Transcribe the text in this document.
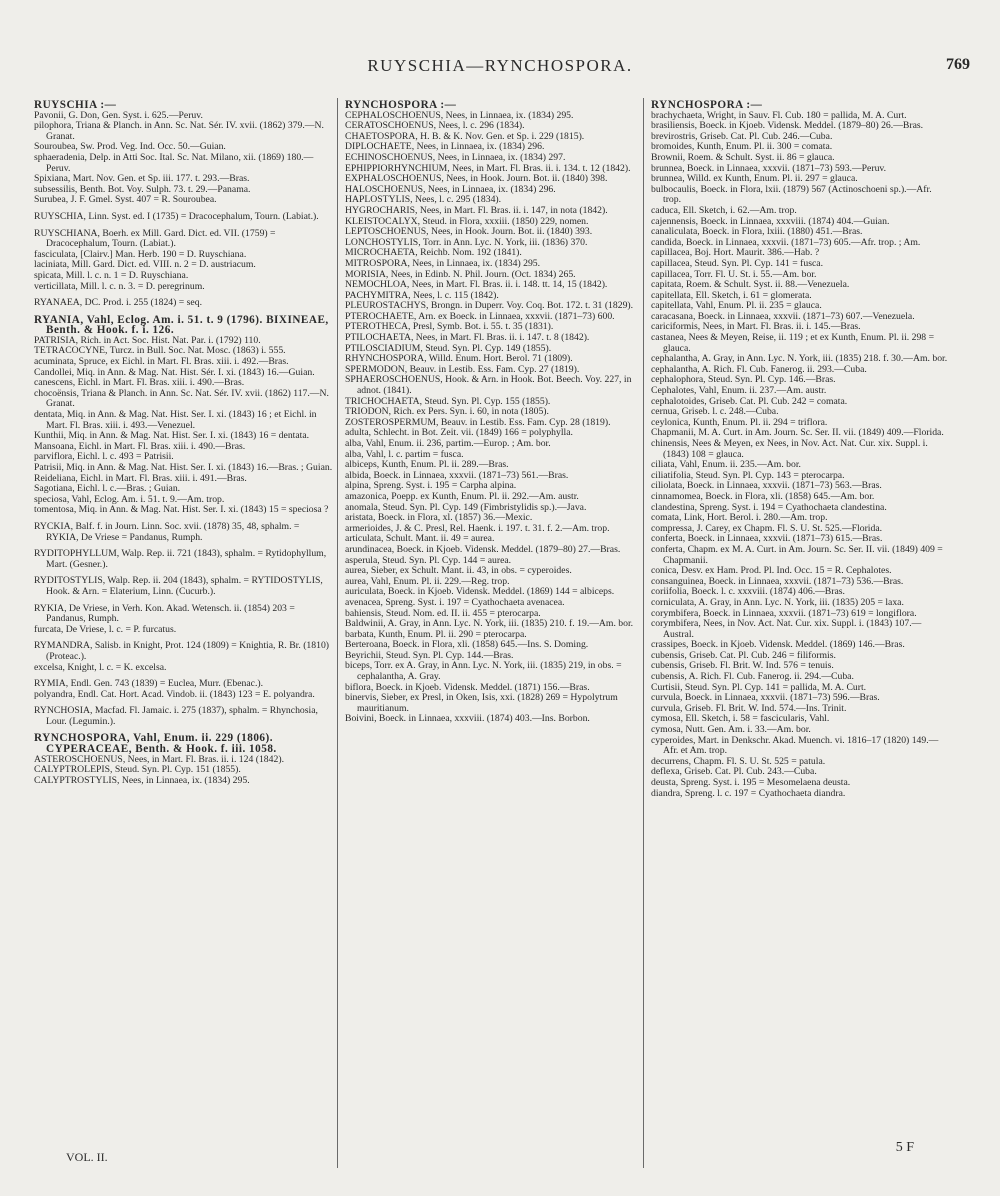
RUYSCHIA—RYNCHOSPORA.	769

RUYSCHIA :—

Pavonii, G. Don, Gen. Syst. i. 625.—Peruv.

pilophora, Triana & Planch. in Ann. Sc. Nat. Sér. IV. xvii. (1862) 379.—N. Granat.

Souroubea, Sw. Prod. Veg. Ind. Occ. 50.—Guian.

sphaeradenia, Delp. in Atti Soc. Ital. Sc. Nat. Milano, xii. (1869) 180.—Peruv.

Spixiana, Mart. Nov. Gen. et Sp. iii. 177. t. 293.—Bras.

subsessilis, Benth. Bot. Voy. Sulph. 73. t. 29.—Panama.

Surubea, J. F. Gmel. Syst. 407 = R. Souroubea.

RUYSCHIA, Linn. Syst. ed. I (1735) = Dracocephalum, Tourn. (Labiat.).

RUYSCHIANA, Boerh. ex Mill. Gard. Dict. ed. VII. (1759) = Dracocephalum, Tourn. (Labiat.).

fasciculata, [Clairv.] Man. Herb. 190 = D. Ruyschiana.

laciniata, Mill. Gard. Dict. ed. VIII. n. 2 = D. austriacum.

spicata, Mill. l. c. n. 1 = D. Ruyschiana.

verticillata, Mill. l. c. n. 3. = D. peregrinum.

RYANAEA, DC. Prod. i. 255 (1824) = seq.

RYANIA, Vahl, Eclog. Am. i. 51. t. 9 (1796). BIXINEAE, Benth. & Hook. f. i. 126.

PATRISIA, Rich. in Act. Soc. Hist. Nat. Par. i. (1792) 110.

TETRACOCYNE, Turcz. in Bull. Soc. Nat. Mosc. (1863) i. 555.

acuminata, Spruce, ex Eichl. in Mart. Fl. Bras. xiii. i. 492.—Bras.

Candollei, Miq. in Ann. & Mag. Nat. Hist. Sér. I. xi. (1843) 16.—Guian.

canescens, Eichl. in Mart. Fl. Bras. xiii. i. 490.—Bras.

chocoënsis, Triana & Planch. in Ann. Sc. Nat. Sér. IV. xvii. (1862) 117.—N. Granat.

dentata, Miq. in Ann. & Mag. Nat. Hist. Ser. I. xi. (1843) 16 ; et Eichl. in Mart. Fl. Bras. xiii. i. 493.—Venezuel.

Kunthii, Miq. in Ann. & Mag. Nat. Hist. Ser. I. xi. (1843) 16 = dentata.

Mansoana, Eichl. in Mart. Fl. Bras. xiii. i. 490.—Bras.

parviflora, Eichl. l. c. 493 = Patrisii.

Patrisii, Miq. in Ann. & Mag. Nat. Hist. Ser. I. xi. (1843) 16.—Bras. ; Guian.

Reideliana, Eichl. in Mart. Fl. Bras. xiii. i. 491.—Bras.

Sagotiana, Eichl. l. c.—Bras. ; Guian.

speciosa, Vahl, Eclog. Am. i. 51. t. 9.—Am. trop.

tomentosa, Miq. in Ann. & Mag. Nat. Hist. Ser. I. xi. (1843) 15 = speciosa ?

RYCKIA, Balf. f. in Journ. Linn. Soc. xvii. (1878) 35, 48, sphalm. = RYKIA, De Vriese = Pandanus, Rumph.

RYDITOPHYLLUM, Walp. Rep. ii. 721 (1843), sphalm. = Rytidophyllum, Mart. (Gesner.).

RYDITOSTYLIS, Walp. Rep. ii. 204 (1843), sphalm. = RYTIDOSTYLIS, Hook. & Arn. = Elaterium, Linn. (Cucurb.).

RYKIA, De Vriese, in Verh. Kon. Akad. Wetensch. ii. (1854) 203 = Pandanus, Rumph.

furcata, De Vriese, l. c. = P. furcatus.

RYMANDRA, Salisb. in Knight, Prot. 124 (1809) = Knightia, R. Br. (1810) (Proteac.).

excelsa, Knight, l. c. = K. excelsa.

RYMIA, Endl. Gen. 743 (1839) = Euclea, Murr. (Ebenac.).

polyandra, Endl. Cat. Hort. Acad. Vindob. ii. (1843) 123 = E. polyandra.

RYNCHOSIA, Macfad. Fl. Jamaic. i. 275 (1837), sphalm. = Rhynchosia, Lour. (Legumin.).

RYNCHOSPORA, Vahl, Enum. ii. 229 (1806). CYPERACEAE, Benth. & Hook. f. iii. 1058.

ASTEROSCHOENUS, Nees, in Mart. Fl. Bras. ii. i. 124 (1842).

CALYPTROLEPIS, Steud. Syn. Pl. Cyp. 151 (1855).

CALYPTROSTYLIS, Nees, in Linnaea, ix. (1834) 295.

RYNCHOSPORA :—

CEPHALOSCHOENUS, Nees, in Linnaea, ix. (1834) 295.

CERATOSCHOENUS, Nees, l. c. 296 (1834).

CHAETOSPORA, H. B. & K. Nov. Gen. et Sp. i. 229 (1815).

DIPLOCHAETE, Nees, in Linnaea, ix. (1834) 296.

ECHINOSCHOENUS, Nees, in Linnaea, ix. (1834) 297.

EPHIPPIORHYNCHIUM, Nees, in Mart. Fl. Bras. ii. i. 134. t. 12 (1842).

EXPHALOSCHOENUS, Nees, in Hook. Journ. Bot. ii. (1840) 398.

HALOSCHOENUS, Nees, in Linnaea, ix. (1834) 296.

HAPLOSTYLIS, Nees, l. c. 295 (1834).

HYGROCHARIS, Nees, in Mart. Fl. Bras. ii. i. 147, in nota (1842).

KLEISTOCALYX, Steud. in Flora, xxxiii. (1850) 229, nomen.

LEPTOSCHOENUS, Nees, in Hook. Journ. Bot. ii. (1840) 393.

LONCHOSTYLIS, Torr. in Ann. Lyc. N. York, iii. (1836) 370.

MICROCHAETA, Reichb. Nom. 192 (1841).

MITROSPORA, Nees, in Linnaea, ix. (1834) 295.

MORISIA, Nees, in Edinb. N. Phil. Journ. (Oct. 1834) 265.

NEMOCHLOA, Nees, in Mart. Fl. Bras. ii. i. 148. tt. 14, 15 (1842).

PACHYMITRA, Nees, l. c. 115 (1842).

PLEUROSTACHYS, Brongn. in Duperr. Voy. Coq. Bot. 172. t. 31 (1829).

PTEROCHAETE, Arn. ex Boeck. in Linnaea, xxxvii. (1871–73) 600.

PTEROTHECA, Presl, Symb. Bot. i. 55. t. 35 (1831).

PTILOCHAETA, Nees, in Mart. Fl. Bras. ii. i. 147. t. 8 (1842).

PTILOSCIADIUM, Steud. Syn. Pl. Cyp. 149 (1855).

RHYNCHOSPORA, Willd. Enum. Hort. Berol. 71 (1809).

SPERMODON, Beauv. in Lestib. Ess. Fam. Cyp. 27 (1819).

SPHAEROSCHOENUS, Hook. & Arn. in Hook. Bot. Beech. Voy. 227, in adnot. (1841).

TRICHOCHAETA, Steud. Syn. Pl. Cyp. 155 (1855).

TRIODON, Rich. ex Pers. Syn. i. 60, in nota (1805).

ZOSTEROSPERMUM, Beauv. in Lestib. Ess. Fam. Cyp. 28 (1819).

adulta, Schlecht. in Bot. Zeit. vii. (1849) 166 = polyphylla.

alba, Vahl, Enum. ii. 236, partim.—Europ. ; Am. bor.

alba, Vahl, l. c. partim = fusca.

albiceps, Kunth, Enum. Pl. ii. 289.—Bras.

albida, Boeck. in Linnaea, xxxvii. (1871–73) 561.—Bras.

alpina, Spreng. Syst. i. 195 = Carpha alpina.

amazonica, Poepp. ex Kunth, Enum. Pl. ii. 292.—Am. austr.

anomala, Steud. Syn. Pl. Cyp. 149 (Fimbristylidis sp.).—Java.

aristata, Boeck. in Flora, xl. (1857) 36.—Mexic.

armerioides, J. & C. Presl, Rel. Haenk. i. 197. t. 31. f. 2.—Am. trop.

articulata, Schult. Mant. ii. 49 = aurea.

arundinacea, Boeck. in Kjoeb. Vidensk. Meddel. (1879–80) 27.—Bras.

asperula, Steud. Syn. Pl. Cyp. 144 = aurea.

aurea, Sieber, ex Schult. Mant. ii. 43, in obs. = cyperoides.

aurea, Vahl, Enum. Pl. ii. 229.—Reg. trop.

auriculata, Boeck. in Kjoeb. Vidensk. Meddel. (1869) 144 = albiceps.

avenacea, Spreng. Syst. i. 197 = Cyathochaeta avenacea.

bahiensis, Steud. Nom. ed. II. ii. 455 = pterocarpa.

Baldwinii, A. Gray, in Ann. Lyc. N. York, iii. (1835) 210. f. 19.—Am. bor.

barbata, Kunth, Enum. Pl. ii. 290 = pterocarpa.

Berteroana, Boeck. in Flora, xli. (1858) 645.—Ins. S. Doming.

Beyrichii, Steud. Syn. Pl. Cyp. 144.—Bras.

biceps, Torr. ex A. Gray, in Ann. Lyc. N. York, iii. (1835) 219, in obs. = cephalantha, A. Gray.

biflora, Boeck. in Kjoeb. Vidensk. Meddel. (1871) 156.—Bras.

binervis, Sieber, ex Presl, in Oken, Isis, xxi. (1828) 269 = Hypolytrum mauritianum.

Boivini, Boeck. in Linnaea, xxxviii. (1874) 403.—Ins. Borbon.

RYNCHOSPORA :—

brachychaeta, Wright, in Sauv. Fl. Cub. 180 = pallida, M. A. Curt.

brasiliensis, Boeck. in Kjoeb. Vidensk. Meddel. (1879–80) 26.—Bras.

brevirostris, Griseb. Cat. Pl. Cub. 246.—Cuba.

bromoides, Kunth, Enum. Pl. ii. 300 = comata.

Brownii, Roem. & Schult. Syst. ii. 86 = glauca.

brunnea, Boeck. in Linnaea, xxxvii. (1871–73) 593.—Peruv.

brunnea, Willd. ex Kunth, Enum. Pl. ii. 297 = glauca.

bulbocaulis, Boeck. in Flora, lxii. (1879) 567 (Actinoschoeni sp.).—Afr. trop.

caduca, Ell. Sketch, i. 62.—Am. trop.

cajennensis, Boeck. in Linnaea, xxxviii. (1874) 404.—Guian.

canaliculata, Boeck. in Flora, lxiii. (1880) 451.—Bras.

candida, Boeck. in Linnaea, xxxvii. (1871–73) 605.—Afr. trop. ; Am.

capillacea, Boj. Hort. Maurit. 386.—Hab. ?

capillacea, Steud. Syn. Pl. Cyp. 141 = fusca.

capillacea, Torr. Fl. U. St. i. 55.—Am. bor.

capitata, Roem. & Schult. Syst. ii. 88.—Venezuela.

capitellata, Ell. Sketch, i. 61 = glomerata.

capitellata, Vahl, Enum. Pl. ii. 235 = glauca.

caracasana, Boeck. in Linnaea, xxxvii. (1871–73) 607.—Venezuela.

cariciformis, Nees, in Mart. Fl. Bras. ii. i. 145.—Bras.

castanea, Nees & Meyen, Reise, ii. 119 ; et ex Kunth, Enum. Pl. ii. 298 = glauca.

cephalantha, A. Gray, in Ann. Lyc. N. York, iii. (1835) 218. f. 30.—Am. bor.

cephalantha, A. Rich. Fl. Cub. Fanerog. ii. 293.—Cuba.

cephalophora, Steud. Syn. Pl. Cyp. 146.—Bras.

Cephalotes, Vahl, Enum. ii. 237.—Am. austr.

cephalotoides, Griseb. Cat. Pl. Cub. 242 = comata.

cernua, Griseb. l. c. 248.—Cuba.

ceylonica, Kunth, Enum. Pl. ii. 294 = triflora.

Chapmanii, M. A. Curt. in Am. Journ. Sc. Ser. II. vii. (1849) 409.—Florida.

chinensis, Nees & Meyen, ex Nees, in Nov. Act. Nat. Cur. xix. Suppl. i. (1843) 108 = glauca.

ciliata, Vahl, Enum. ii. 235.—Am. bor.

ciliatifolia, Steud. Syn. Pl. Cyp. 143 = pterocarpa.

ciliolata, Boeck. in Linnaea, xxxvii. (1871–73) 563.—Bras.

cinnamomea, Boeck. in Flora, xli. (1858) 645.—Am. bor.

clandestina, Spreng. Syst. i. 194 = Cyathochaeta clandestina.

comata, Link, Hort. Berol. i. 280.—Am. trop.

compressa, J. Carey, ex Chapm. Fl. S. U. St. 525.—Florida.

conferta, Boeck. in Linnaea, xxxvii. (1871–73) 615.—Bras.

conferta, Chapm. ex M. A. Curt. in Am. Journ. Sc. Ser. II. vii. (1849) 409 = Chapmanii.

conica, Desv. ex Ham. Prod. Pl. Ind. Occ. 15 = R. Cephalotes.

consanguinea, Boeck. in Linnaea, xxxvii. (1871–73) 536.—Bras.

coriifolia, Boeck. l. c. xxxviii. (1874) 406.—Bras.

corniculata, A. Gray, in Ann. Lyc. N. York, iii. (1835) 205 = laxa.

corymbifera, Boeck. in Linnaea, xxxvii. (1871–73) 619 = longiflora.

corymbifera, Nees, in Nov. Act. Nat. Cur. xix. Suppl. i. (1843) 107.—Austral.

crassipes, Boeck. in Kjoeb. Vidensk. Meddel. (1869) 146.—Bras.

cubensis, Griseb. Cat. Pl. Cub. 246 = filiformis.

cubensis, Griseb. Fl. Brit. W. Ind. 576 = tenuis.

cubensis, A. Rich. Fl. Cub. Fanerog. ii. 294.—Cuba.

Curtisii, Steud. Syn. Pl. Cyp. 141 = pallida, M. A. Curt.

curvula, Boeck. in Linnaea, xxxvii. (1871–73) 596.—Bras.

curvula, Griseb. Fl. Brit. W. Ind. 574.—Ins. Trinit.

cymosa, Ell. Sketch, i. 58 = fascicularis, Vahl.

cymosa, Nutt. Gen. Am. i. 33.—Am. bor.

cyperoides, Mart. in Denkschr. Akad. Muench. vi. 1816–17 (1820) 149.—Afr. et Am. trop.

decurrens, Chapm. Fl. S. U. St. 525 = patula.

deflexa, Griseb. Cat. Pl. Cub. 243.—Cuba.

deusta, Spreng. Syst. i. 195 = Mesomelaena deusta.

diandra, Spreng. l. c. 197 = Cyathochaeta diandra.

VOL. II.
5 F
